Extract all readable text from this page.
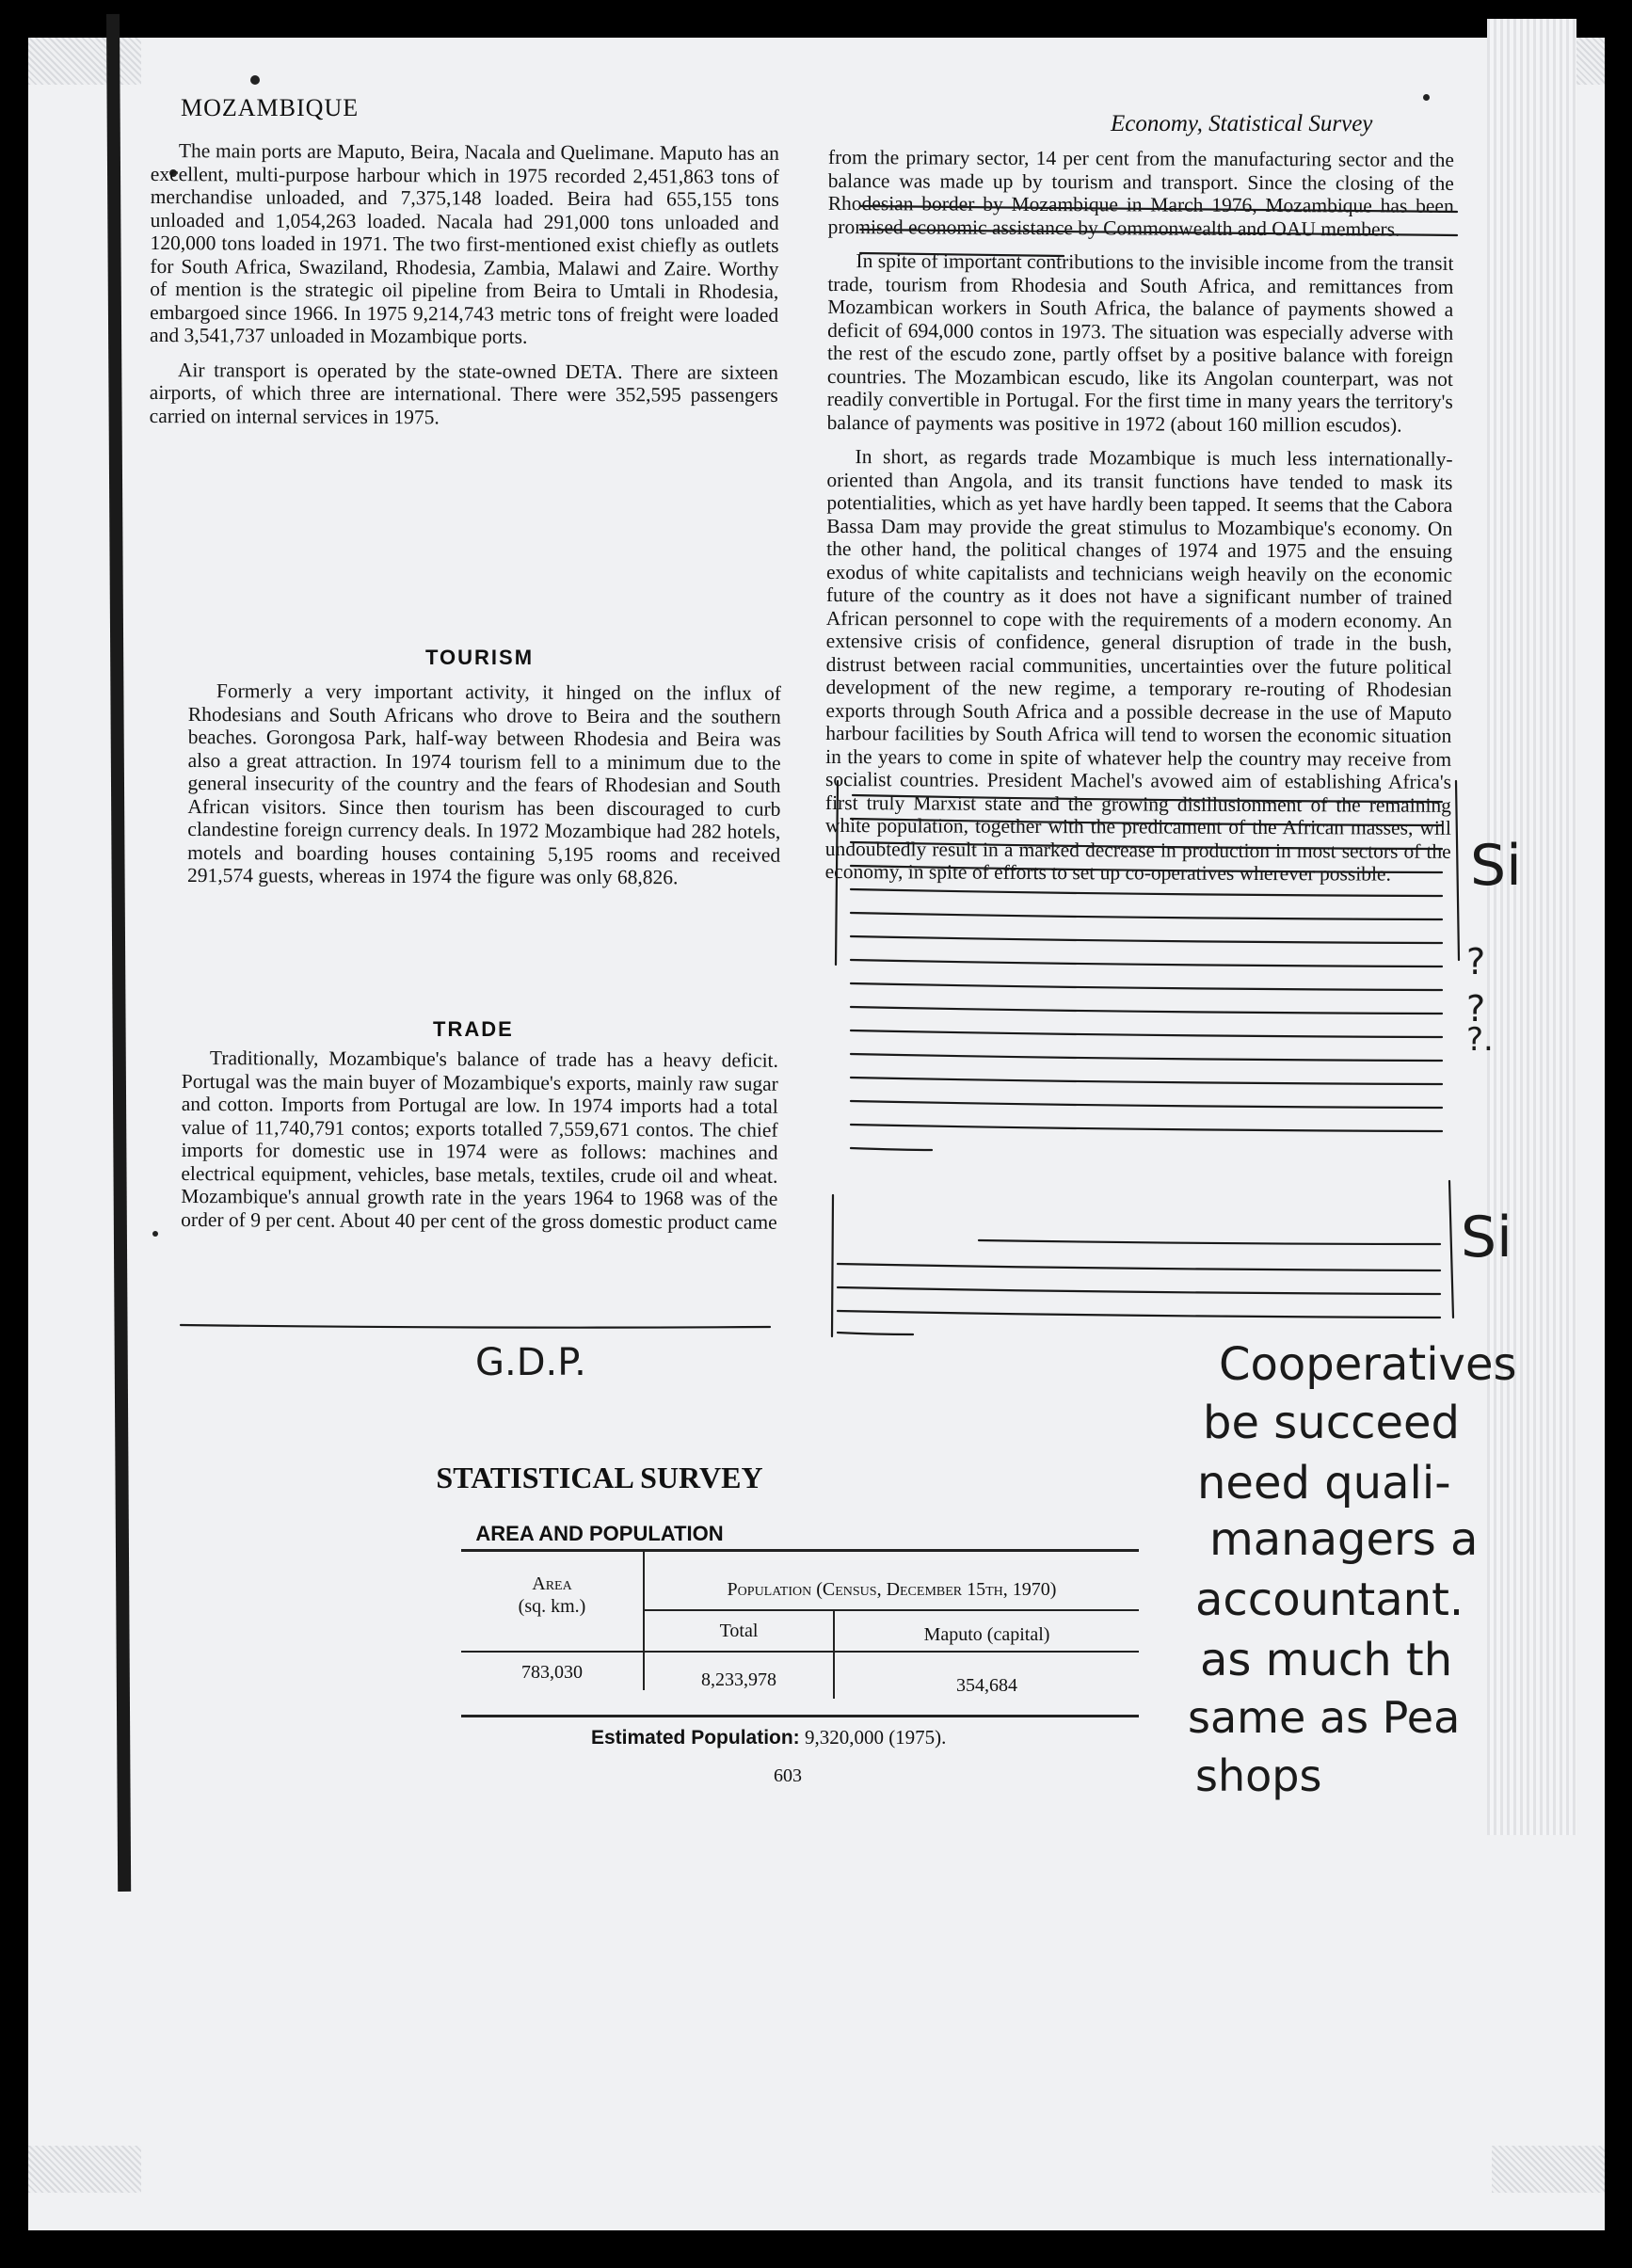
MOZAMBIQUE
Economy, Statistical Survey

The main ports are Maputo, Beira, Nacala and Quelimane. Maputo has an excellent, multi-purpose harbour which in 1975 recorded 2,451,863 tons of merchandise unloaded, and 7,375,148 loaded. Beira had 655,155 tons unloaded and 1,054,263 loaded. Nacala had 291,000 tons unloaded and 120,000 tons loaded in 1971. The two first-mentioned exist chiefly as outlets for South Africa, Swaziland, Rhodesia, Zambia, Malawi and Zaire. Worthy of mention is the strategic oil pipeline from Beira to Umtali in Rhodesia, embargoed since 1966. In 1975 9,214,743 metric tons of freight were loaded and 3,541,737 unloaded in Mozambique ports.

Air transport is operated by the state-owned DETA. There are sixteen airports, of which three are international. There were 352,595 passengers carried on internal services in 1975.

TOURISM

Formerly a very important activity, it hinged on the influx of Rhodesians and South Africans who drove to Beira and the southern beaches. Gorongosa Park, half-way between Rhodesia and Beira was also a great attraction. In 1974 tourism fell to a minimum due to the general insecurity of the country and the fears of Rhodesian and South African visitors. Since then tourism has been discouraged to curb clandestine foreign currency deals. In 1972 Mozambique had 282 hotels, motels and boarding houses containing 5,195 rooms and received 291,574 guests, whereas in 1974 the figure was only 68,826.

TRADE

Traditionally, Mozambique's balance of trade has a heavy deficit. Portugal was the main buyer of Mozambique's exports, mainly raw sugar and cotton. Imports from Portugal are low. In 1974 imports had a total value of 11,740,791 contos; exports totalled 7,559,671 contos. The chief imports for domestic use in 1974 were as follows: machines and electrical equipment, vehicles, base metals, textiles, crude oil and wheat. Mozambique's annual growth rate in the years 1964 to 1968 was of the order of 9 per cent. About 40 per cent of the gross domestic product came

from the primary sector, 14 per cent from the manufacturing sector and the balance was made up by tourism and transport. Since the closing of the Rhodesian border by Mozambique in March 1976, Mozambique has been promised economic assistance by Commonwealth and OAU members.

In spite of important contributions to the invisible income from the transit trade, tourism from Rhodesia and South Africa, and remittances from Mozambican workers in South Africa, the balance of payments showed a deficit of 694,000 contos in 1973. The situation was especially adverse with the rest of the escudo zone, partly offset by a positive balance with foreign countries. The Mozambican escudo, like its Angolan counterpart, was not readily convertible in Portugal. For the first time in many years the territory's balance of payments was positive in 1972 (about 160 million escudos).

In short, as regards trade Mozambique is much less internationally-oriented than Angola, and its transit functions have tended to mask its potentialities, which as yet have hardly been tapped. It seems that the Cabora Bassa Dam may provide the great stimulus to Mozambique's economy. On the other hand, the political changes of 1974 and 1975 and the ensuing exodus of white capitalists and technicians weigh heavily on the economic future of the country as it does not have a significant number of trained African personnel to cope with the requirements of a modern economy. An extensive crisis of confidence, general disruption of trade in the bush, distrust between racial communities, uncertainties over the future political development of the new regime, a temporary re-routing of Rhodesian exports through South Africa and a possible decrease in the use of Maputo harbour facilities by South Africa will tend to worsen the economic situation in the years to come in spite of whatever help the country may receive from socialist countries. President Machel's avowed aim of establishing Africa's first truly Marxist state and the growing disillusionment of the remaining white population, together with the predicament of the African masses, will undoubtedly result in a marked decrease in production in most sectors of the economy, in spite of efforts to set up co-operatives wherever possible.

STATISTICAL SURVEY
AREA AND POPULATION
Area
(sq. km.)
Population (Census, December 15th, 1970)
Total	Maputo (capital)
783,030	8,233,978	354,684
Estimated Population: 9,320,000 (1975).
603
G.D.P.
Si
Si
?
?
?.
Cooperatives
be succeed
need quali-
managers a
accountant.
as much th
same as Pea
shops
